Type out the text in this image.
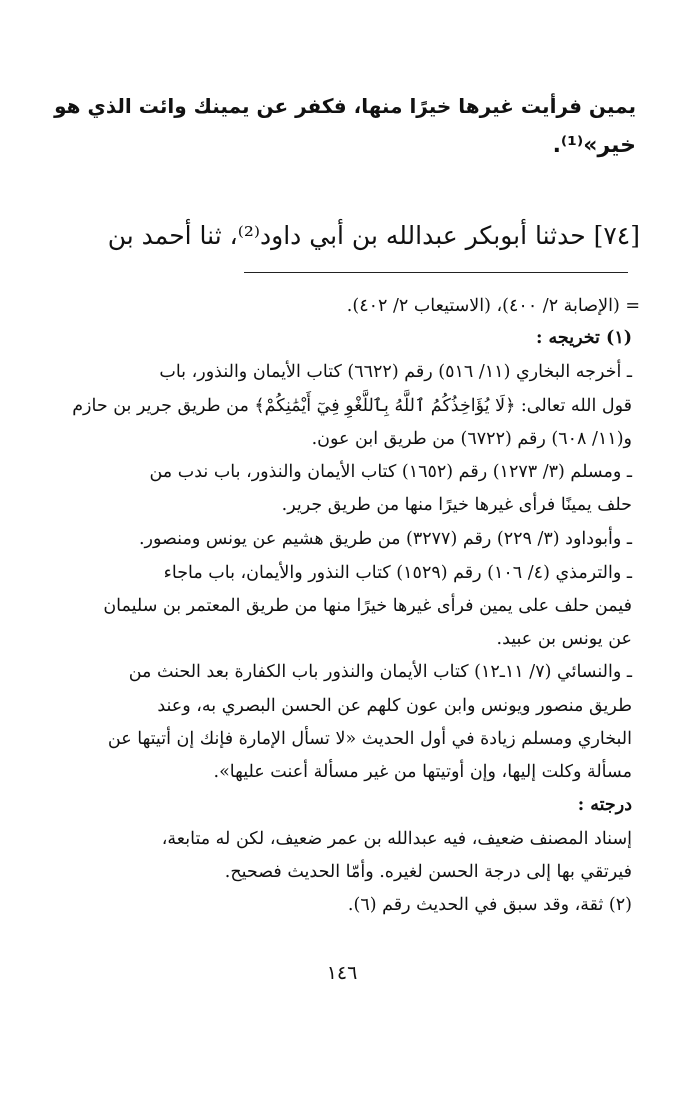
يمين فرأيت غيرها خيرًا منها، فكفر عن يمينك وائت الذي هو
خير»⁽¹⁾.
[٧٤] حدثنا أبوبكر عبدالله بن أبي داود⁽²⁾، ثنا أحمد بن
= (الإصابة ٢/ ٤٠٠)، (الاستيعاب ٢/ ٤٠٢).
(١) تخريجه :
ـ أخرجه البخاري (١١/ ٥١٦) رقم (٦٦٢٢) كتاب الأيمان والنذور، باب
قول الله تعالى: ﴿لَا يُؤَاخِذُكُمُ ٱللَّهُ بِٱللَّغْوِ فِيٓ أَيْمَٰنِكُمْ﴾ من طريق جرير بن حازم
و(١١/ ٦٠٨) رقم (٦٧٢٢) من طريق ابن عون.
ـ ومسلم (٣/ ١٢٧٣) رقم (١٦٥٢) كتاب الأيمان والنذور، باب ندب من
حلف يمينًا فرأى غيرها خيرًا منها من طريق جرير.
ـ وأبوداود (٣/ ٢٢٩) رقم (٣٢٧٧) من طريق هشيم عن يونس ومنصور.
ـ والترمذي (٤/ ١٠٦) رقم (١٥٢٩) كتاب النذور والأيمان، باب ماجاء
فيمن حلف على يمين فرأى غيرها خيرًا منها من طريق المعتمر بن سليمان
عن يونس بن عبيد.
ـ والنسائي (٧/ ١١ـ١٢) كتاب الأيمان والنذور باب الكفارة بعد الحنث من
طريق منصور ويونس وابن عون كلهم عن الحسن البصري به، وعند
البخاري ومسلم زيادة في أول الحديث «لا تسأل الإمارة فإنك إن أتيتها عن
مسألة وكلت إليها، وإن أوتيتها من غير مسألة أعنت عليها».
درجته :
إسناد المصنف ضعيف، فيه عبدالله بن عمر ضعيف، لكن له متابعة،
فيرتقي بها إلى درجة الحسن لغيره. وأمّا الحديث فصحيح.
(٢) ثقة، وقد سبق في الحديث رقم (٦).
١٤٦
